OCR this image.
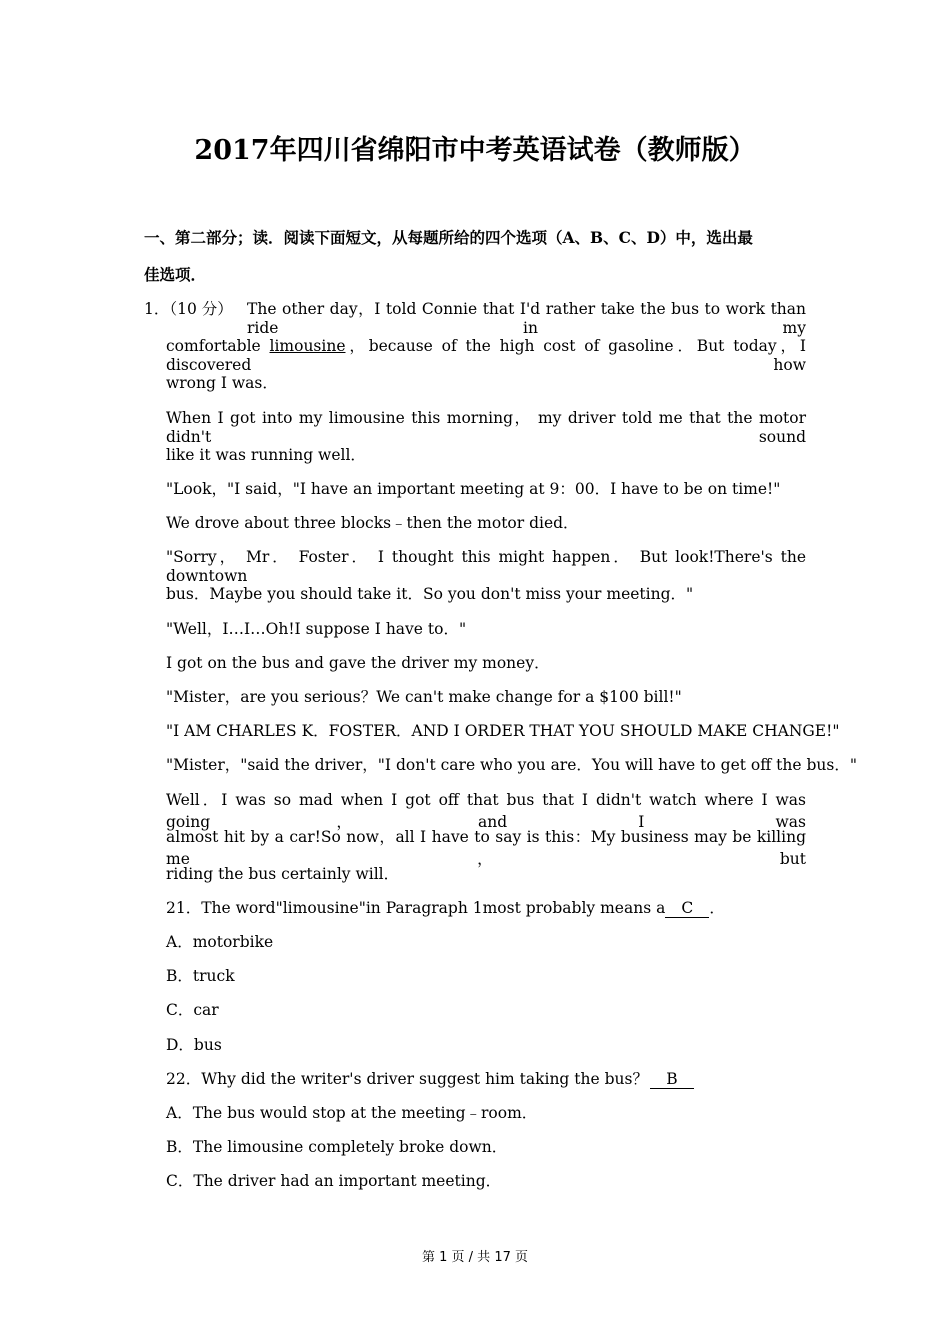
2017年四川省绵阳市中考英语试卷（教师版）
一、第二部分；读．阅读下面短文，从每题所给的四个选项（A、B、C、D）中，选出最
佳选项．
1．（10 分） The other day，I told Connie that I'd rather take the bus to work than ride in my
comfortable limousine，because of the high cost of gasoline．But today，I discovered how
wrong I was．
When I got into my limousine this morning， my driver told me that the motor didn't sound
like it was running well．
"Look，"I said，"I have an important meeting at 9：00．I have to be on time!"
We drove about three blocks﹣then the motor died．
"Sorry， Mr． Foster． I thought this might happen． But look!There's the downtown
bus．Maybe you should take it．So you don't miss your meeting．"
"Well，I…I…Oh!I suppose I have to．"
I got on the bus and gave the driver my money．
"Mister，are you serious？We can't make change for a $100 bill!"
"I AM CHARLES K．FOSTER．AND I ORDER THAT YOU SHOULD MAKE CHANGE!"
"Mister，"said the driver，"I don't care who you are．You will have to get off the bus．"
Well．I was so mad when I got off that bus that I didn't watch where I was going，and I was
almost hit by a car!So now，all I have to say is this：My business may be killing me，but
riding the bus certainly will．
21．The word"limousine"in Paragraph 1most probably means a C ．
A．motorbike
B．truck
C．car
D．bus
22．Why did the writer's driver suggest him taking the bus？ B
A．The bus would stop at the meeting﹣room．
B．The limousine completely broke down．
C．The driver had an important meeting．
第 1 页 / 共 17 页
